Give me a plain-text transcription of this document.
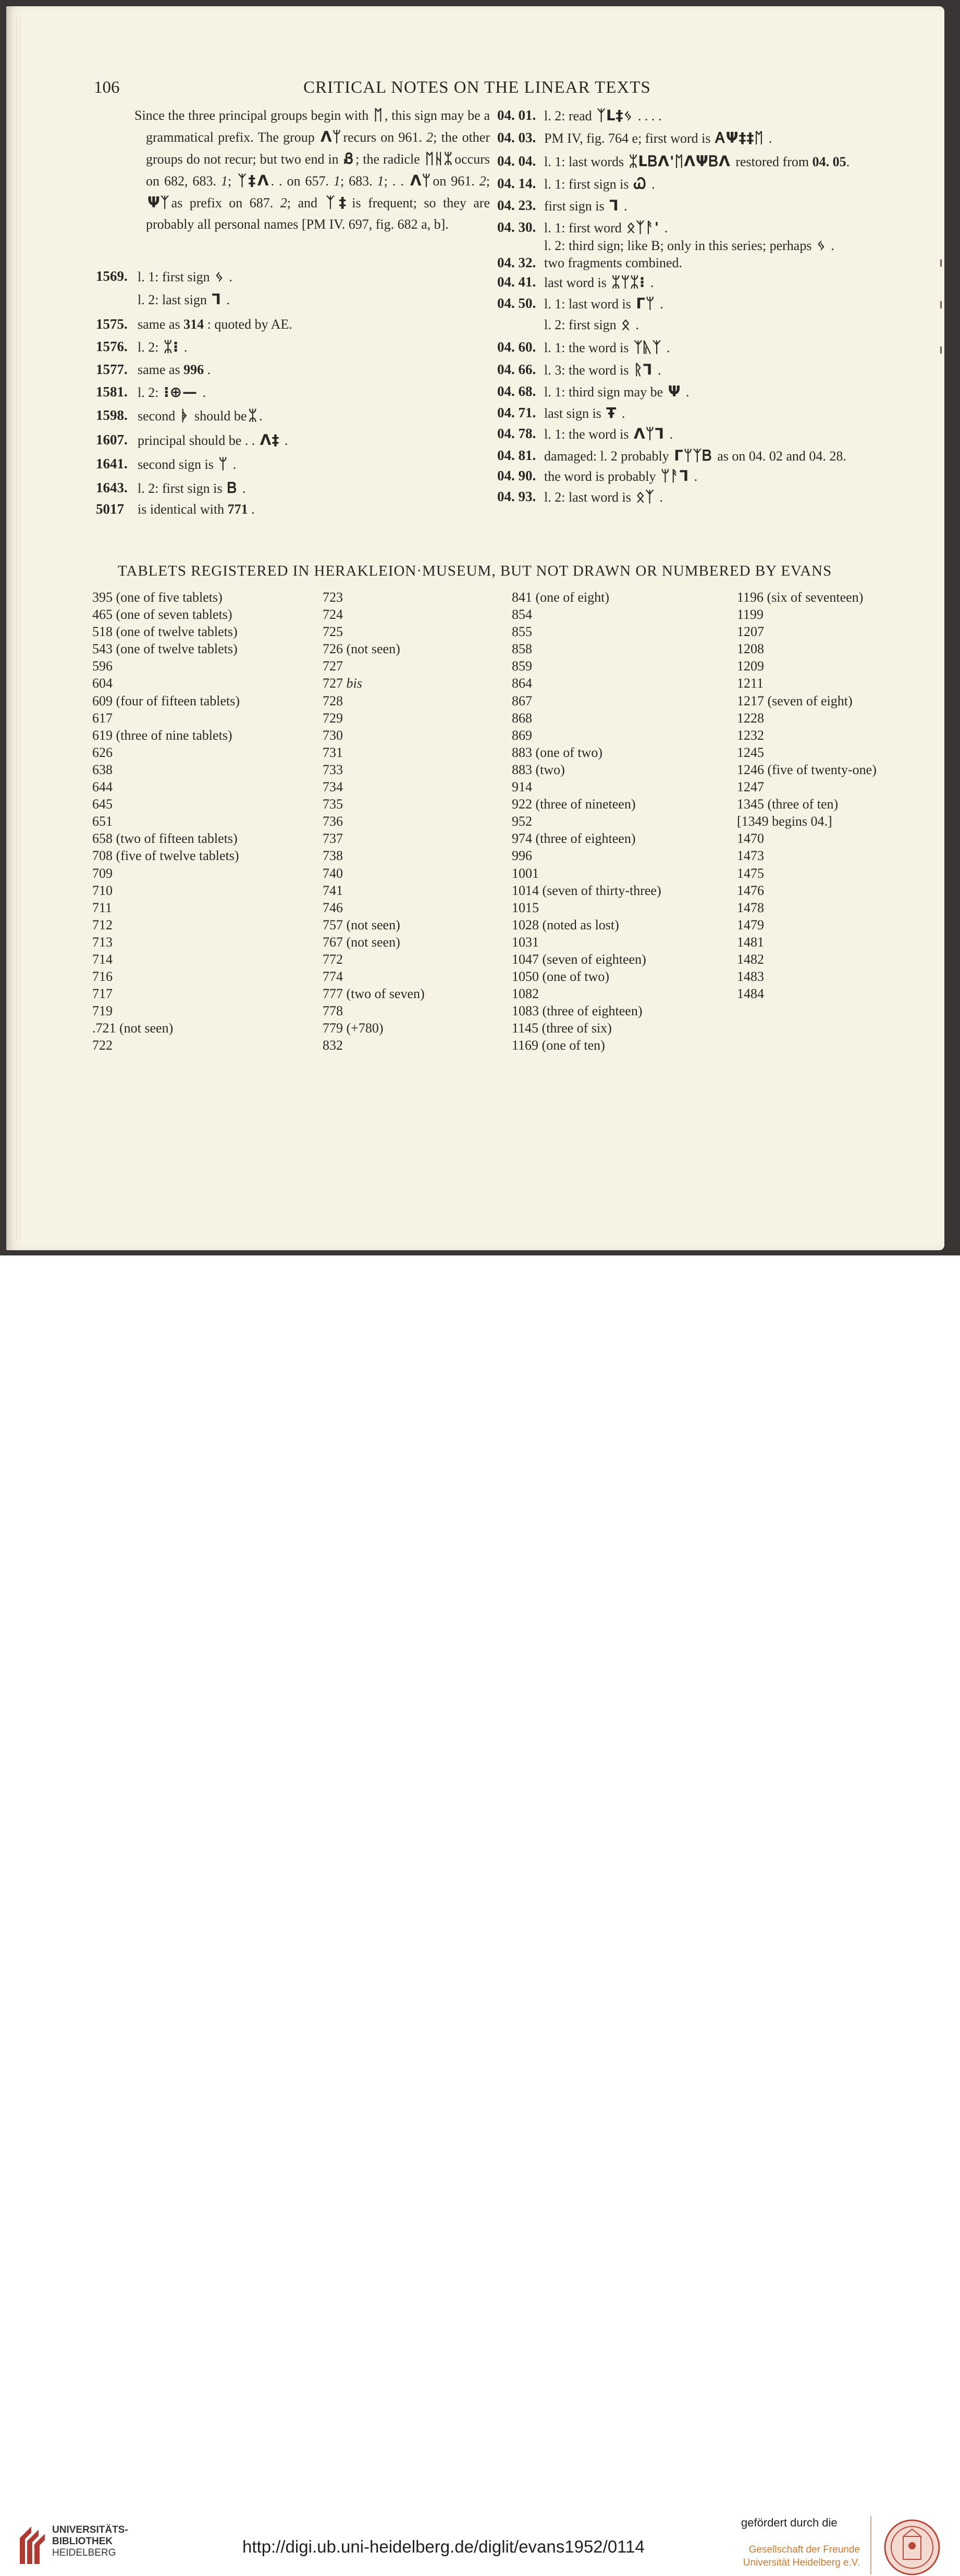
106	CRITICAL NOTES ON THE LINEAR TEXTS
Since the three principal groups begin with ᛖ , this sign may be a grammatical prefix. The group ᐱᛘ recurs on 961. 2; the other groups do not recur; but two end in Ᏸ ; the radicle ᛖᚺᛯ occurs on 682, 683. 1; ᛉ‡ᐱ . . on 657. 1; 683. 1; . . ᐱᛘ on 961. 2; Ψᛉ as prefix on 687. 2; and ᛉ‡ is frequent; so they are probably all personal names [PM IV. 697, fig. 682 a, b].
1569. l. 1: first sign ᛃ .
l. 2: last sign ᒣ .
1575. same as 314 : quoted by AE.
1576. l. 2: ᛯ⁝ .
1577. same as 996 .
1581. l. 2: ⁝⊕— .
1598. second ᚧ should be ᛯ .
1607. principal should be . . ᐱ‡ .
1641. second sign is ᛘ .
1643. l. 2: first sign is Ᏼ .
5017 is identical with 771 .
04. 01. l. 2: read ᛉᒪ‡ᛃ . . . .
04. 03. PM IV, fig. 764 e; first word is ᎪΨ‡‡ᛖ .
04. 04. l. 1: last words ᛯᒪᏴᐱ'ᛖᐱΨᏴᐱ restored from 04. 05.
04. 14. l. 1: first sign is Ꮗ .
04. 23. first sign is ᒣ .
04. 30. l. 1: first word ᛟᛉᚨ' .
l. 2: third sign; like B; only in this series; perhaps ᛃ .
04. 32. two fragments combined.
04. 41. last word is ᛯᛘᛯ⁝ .
04. 50. l. 1: last word is ᒥᛘ .
l. 2: first sign ᛟ .
04. 60. l. 1: the word is ᛉᚣᛉ .
04. 66. l. 3: the word is ᚱᒣ .
04. 68. l. 1: third sign may be Ψ .
04. 71. last sign is Ŧ .
04. 78. l. 1: the word is ᐱᛘᒣ .
04. 81. damaged: l. 2 probably ᒥᛘᛉᏴ as on 04. 02 and 04. 28.
04. 90. the word is probably ᛘᚨᒣ .
04. 93. l. 2: last word is ᛟᛉ .
TABLETS REGISTERED IN HERAKLEION·MUSEUM, BUT NOT DRAWN OR NUMBERED BY EVANS
395 (one of five tablets)
465 (one of seven tablets)
518 (one of twelve tablets)
543 (one of twelve tablets)
596
604
609 (four of fifteen tablets)
617
619 (three of nine tablets)
626
638
644
645
651
658 (two of fifteen tablets)
708 (five of twelve tablets)
709
710
711
712
713
714
716
717
719
.721 (not seen)
722
723
724
725
726 (not seen)
727
727 bis
728
729
730
731
733
734
735
736
737
738
740
741
746
757 (not seen)
767 (not seen)
772
774
777 (two of seven)
778
779 (+780)
832
841 (one of eight)
854
855
858
859
864
867
868
869
883 (one of two)
883 (two)
914
922 (three of nineteen)
952
974 (three of eighteen)
996
1001
1014 (seven of thirty-three)
1015
1028 (noted as lost)
1031
1047 (seven of eighteen)
1050 (one of two)
1082
1083 (three of eighteen)
1145 (three of six)
1169 (one of ten)
1196 (six of seventeen)
1199
1207
1208
1209
1211
1217 (seven of eight)
1228
1232
1245
1246 (five of twenty-one)
1247
1345 (three of ten)
[1349 begins 04.]
1470
1473
1475
1476
1478
1479
1481
1482
1483
1484
UNIVERSITÄTS-
BIBLIOTHEK
HEIDELBERG	http://digi.ub.uni-heidelberg.de/diglit/evans1952/0114
gefördert durch die
Gesellschaft der Freunde
Universität Heidelberg e.V.
